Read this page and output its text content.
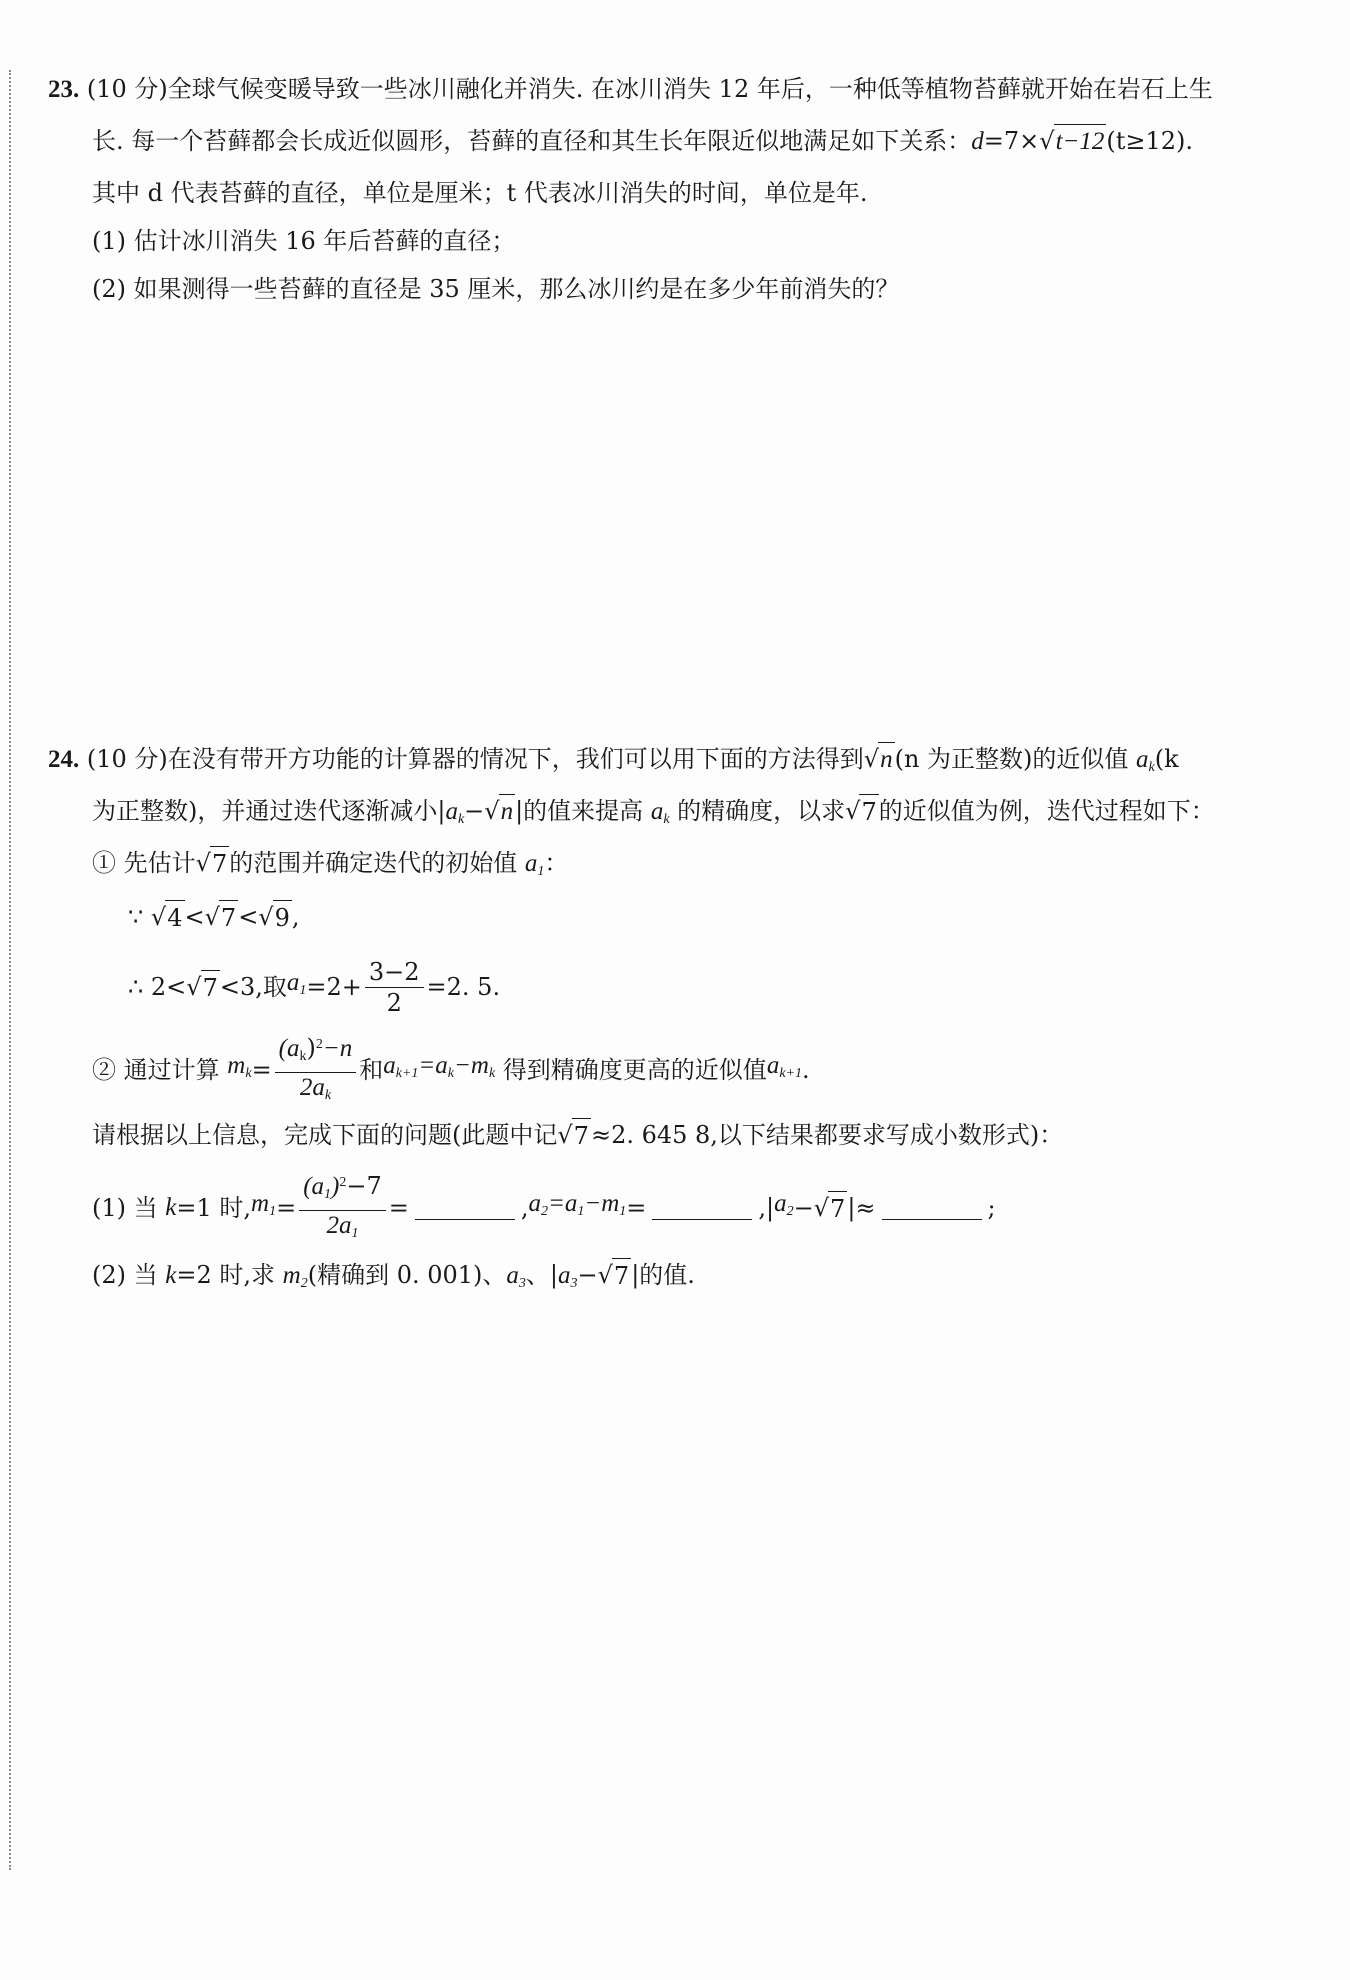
23. (10 分)全球气候变暖导致一些冰川融化并消失. 在冰川消失 12 年后，一种低等植物苔藓就开始在岩石上生
长. 每一个苔藓都会长成近似圆形，苔藓的直径和其生长年限近似地满足如下关系：d=7× √ t−12 (t≥12).
其中 d 代表苔藓的直径，单位是厘米；t 代表冰川消失的时间，单位是年.
(1) 估计冰川消失 16 年后苔藓的直径；
(2) 如果测得一些苔藓的直径是 35 厘米，那么冰川约是在多少年前消失的？
24. (10 分)在没有带开方功能的计算器的情况下，我们可以用下面的方法得到 √ n (n 为正整数)的近似值 $a_k(k$
为正整数)，并通过迭代逐渐减小$|a_k-$ √ n |的值来提高 $a_k$ 的精确度，以求 √ 7 的近似值为例，迭代过程如下：
① 先估计 √ 7 的范围并确定迭代的初始值 $a_1$：
∵ √ 4 < √ 7 < √ 9 ,
∴ 2< √ 7 <3,取 $a_1 =2+ \frac{3-2}{2} =2$. 5.
② 通过计算
$m_k = \frac{(a_k)^2-n}{2a_k}$ 和 $a_{k+1}=a_k-m_k$
得到精确度更高的近似值 $a_{k+1}$ .
请根据以上信息，完成下面的问题(此题中记 √ 7 ≈2. 645 8,以下结果都要求写成小数形式)：
(1) 当
k =1 时, $m_1 = \frac{(a_1)^2-7}{2a_1}$ =	, $a_2=a_1-m_1$ =	,| $a_2$ − √ 7 |≈	;
(2) 当 k=2 时,求 $m_2$(精确到 0. 001)、$a_3$、$|a_3-$ √ 7 |的值.
